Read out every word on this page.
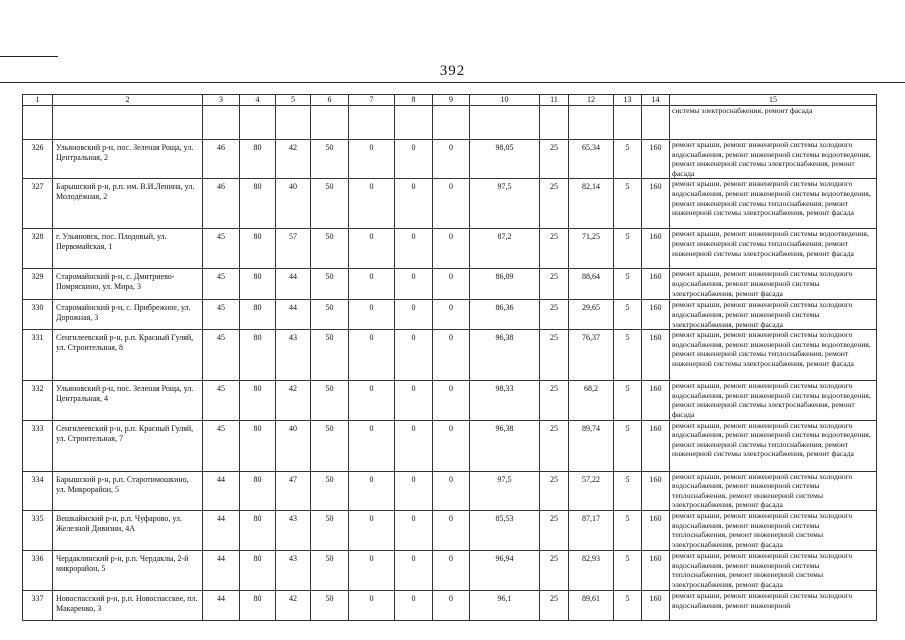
392
1	2	3	4	5	6	7	8	9	10	11	12	13	14	15
														системы электроснабжения, ремонт фасада
326	Ульяновский р-н, пос. Зеленая Роща, ул. Центральная, 2	46	80	42	50	0	0	0	98,05	25	65,34	5	160	ремонт крыши, ремонт инженерной системы холодного водоснабжения, ремонт инженерной системы водоотведения, ремонт инженерной системы электроснабжения, ремонт фасада
327	Барышский р-н, р.п. им. В.И.Ленина, ул. Молодёжная, 2	46	80	40	50	0	0	0	97,5	25	82,14	5	160	ремонт крыши, ремонт инженерной системы холодного водоснабжения, ремонт инженерной системы водоотведения, ремонт инженерной системы теплоснабжения, ремонт инженерной системы электроснабжения, ремонт фасада
328	г. Ульяновск, пос. Плодовый, ул. Первомайская, 1	45	80	57	50	0	0	0	87,2	25	71,25	5	160	ремонт крыши, ремонт инженерной системы водоотведения, ремонт инженерной системы теплоснабжения, ремонт инженерной системы электроснабжения, ремонт фасада
329	Старомайнский р-н, с. Дмитриево-Помряскино, ул. Мира, 3	45	80	44	50	0	0	0	86,09	25	88,64	5	160	ремонт крыши, ремонт инженерной системы холодного водоснабжения, ремонт инженерной системы электроснабжения, ремонт фасада
330	Старомайнский р-н, с. Прибрежное, ул. Дорожная, 3	45	80	44	50	0	0	0	86,36	25	29,65	5	160	ремонт крыши, ремонт инженерной системы холодного водоснабжения, ремонт инженерной системы электроснабжения, ремонт фасада
331	Сенгилеевский р-н, р.п. Красный Гуляй, ул. Строительная, 8	45	80	43	50	0	0	0	96,38	25	76,37	5	160	ремонт крыши, ремонт инженерной системы холодного водоснабжения, ремонт инженерной системы водоотведения, ремонт инженерной системы теплоснабжения, ремонт инженерной системы электроснабжения, ремонт фасада
332	Ульяновский р-н, пос. Зеленая Роща, ул. Центральная, 4	45	80	42	50	0	0	0	98,33	25	68,2	5	160	ремонт крыши, ремонт инженерной системы холодного водоснабжения, ремонт инженерной системы водоотведения, ремонт инженерной системы электроснабжения, ремонт фасада
333	Сенгилеевский р-н, р.п. Красный Гуляй, ул. Строительная, 7	45	80	40	50	0	0	0	96,38	25	89,74	5	160	ремонт крыши, ремонт инженерной системы холодного водоснабжения, ремонт инженерной системы водоотведения, ремонт инженерной системы теплоснабжения, ремонт инженерной системы электроснабжения, ремонт фасада
334	Барышский р-н, р.п. Старотимошкино, ул. Микрорайон, 5	44	80	47	50	0	0	0	97,5	25	57,22	5	160	ремонт крыши, ремонт инженерной системы холодного водоснабжения, ремонт инженерной системы теплоснабжения, ремонт инженерной системы электроснабжения, ремонт фасада
335	Вешкаймский р-н, р.п. Чуфарово, ул. Железной Дивизии, 4А	44	80	43	50	0	0	0	85,53	25	87,17	5	160	ремонт крыши, ремонт инженерной системы холодного водоснабжения, ремонт инженерной системы теплоснабжения, ремонт инженерной системы электроснабжения, ремонт фасада
336	Чердаклинский р-н, р.п. Чердаклы, 2-й микрорайон, 5	44	80	43	50	0	0	0	96,94	25	82,93	5	160	ремонт крыши, ремонт инженерной системы холодного водоснабжения, ремонт инженерной системы теплоснабжения, ремонт инженерной системы электроснабжения, ремонт фасада
337	Новоспасский р-н, р.п. Новоспасское, пл. Макаренко, 3	44	80	42	50	0	0	0	96,1	25	89,61	5	160	ремонт крыши, ремонт инженерной системы холодного водоснабжения, ремонт инженерной
